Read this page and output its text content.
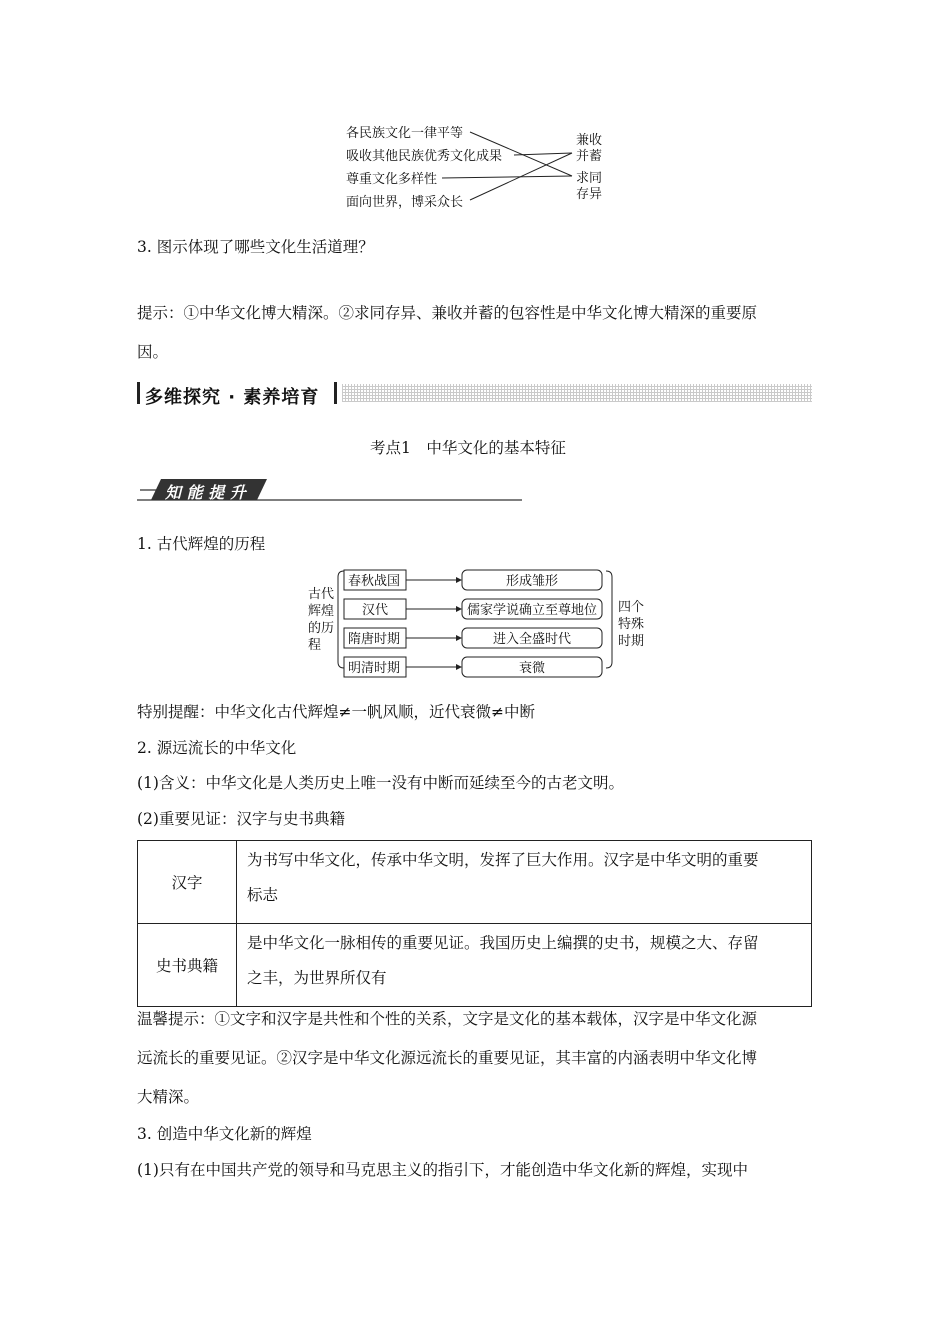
各民族文化一律平等
吸收其他民族优秀文化成果
尊重文化多样性
面向世界，博采众长
兼收
并蓄
求同
存异
3. 图示体现了哪些文化生活道理？
提示：①中华文化博大精深。②求同存异、兼收并蓄的包容性是中华文化博大精深的重要原
因。
多维探究 · 素养培育
考点1　中华文化的基本特征
知 能 提 升
1. 古代辉煌的历程
古代
辉煌
的历
程
春秋战国
汉代
隋唐时期
明清时期
形成雏形
儒家学说确立至尊地位
进入全盛时代
衰微
四个
特殊
时期
特别提醒：中华文化古代辉煌≠一帆风顺，近代衰微≠中断
2. 源远流长的中华文化
(1)含义：中华文化是人类历史上唯一没有中断而延续至今的古老文明。
(2)重要见证：汉字与史书典籍
汉字	为书写中华文化，传承中华文明，发挥了巨大作用。汉字是中华文明的重要
标志

史书典籍	是中华文化一脉相传的重要见证。我国历史上编撰的史书，规模之大、存留
之丰，为世界所仅有
温馨提示：①文字和汉字是共性和个性的关系，文字是文化的基本载体，汉字是中华文化源
远流长的重要见证。②汉字是中华文化源远流长的重要见证，其丰富的内涵表明中华文化博
大精深。
3. 创造中华文化新的辉煌
(1)只有在中国共产党的领导和马克思主义的指引下，才能创造中华文化新的辉煌，实现中
